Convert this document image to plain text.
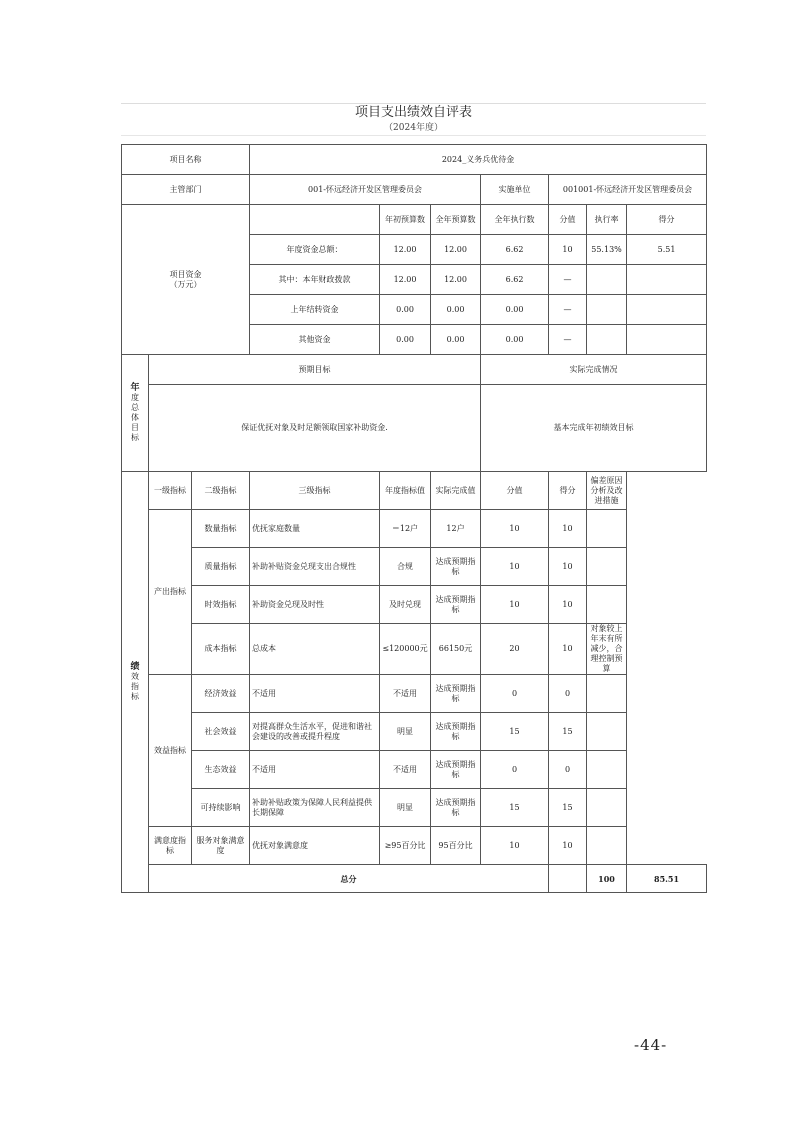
项目支出绩效自评表
（2024年度）
项目名称			2024_义务兵优待金							
主管部门			001-怀远经济开发区管理委员会			实施单位	001001-怀远经济开发区管理委员会			
项目资金
（万元）				年初预算数	全年预算数	全年执行数	分值	执行率	得分	
			年度资金总额：	12.00	12.00	6.62	10	55.13%	5.51	
			其中：本年财政拨款	12.00	12.00	6.62	—			
			上年结转资金	0.00	0.00	0.00	—			
			其他资金	0.00	0.00	0.00	—			
年度总体目标	预期目标					实际完成情况				
	保证优抚对象及时足额领取国家补助资金.					基本完成年初绩效目标				
绩效指标	一级指标	二级指标	三级指标	年度指标值	实际完成值	分值	得分	偏差原因分析及改进措施		
	产出指标	数量指标	优抚家庭数量	＝12户	12户	10	10			
		质量指标	补助补贴资金兑现支出合规性	合规	达成预期指标	10	10			
		时效指标	补助资金兑现及时性	及时兑现	达成预期指标	10	10			
		成本指标	总成本	≤120000元	66150元	20	10	对象较上年末有所减少，合理控制预算		
	效益指标	经济效益	不适用	不适用	达成预期指标	0	0			
		社会效益	对提高群众生活水平，促进和谐社会建设的改善或提升程度	明显	达成预期指标	15	15			
		生态效益	不适用	不适用	达成预期指标	0	0			
		可持续影响	补助补贴政策为保障人民利益提供长期保障	明显	达成预期指标	15	15			
	满意度指标	服务对象满意度	优抚对象满意度	≥95百分比	95百分比	10	10			
	总分							100	85.51	
-44-
